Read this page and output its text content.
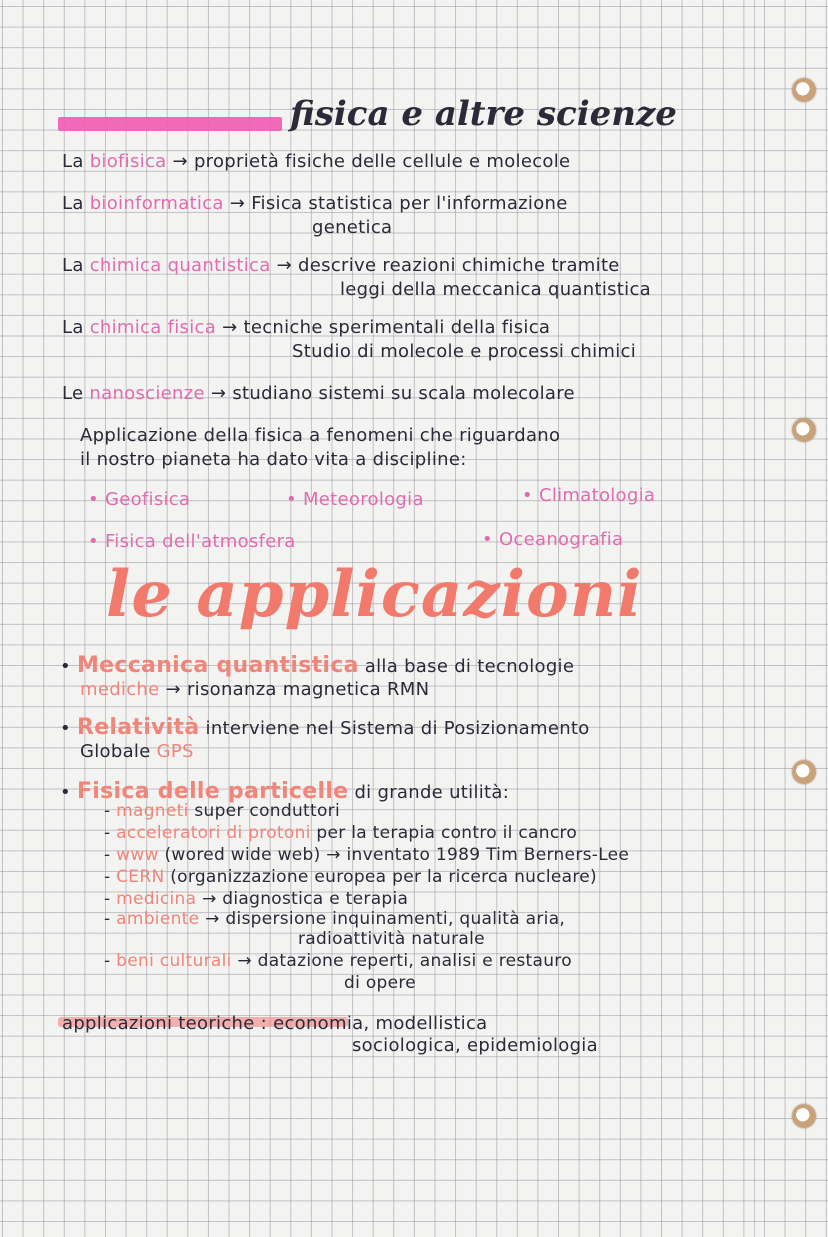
fisica e altre scienze
La biofisica → proprietà fisiche delle cellule e molecole
La bioinformatica → Fisica statistica per l'informazione
genetica
La chimica quantistica → descrive reazioni chimiche tramite
leggi della meccanica quantistica
La chimica fisica → tecniche sperimentali della fisica
Studio di molecole e processi chimici
Le nanoscienze → studiano sistemi su scala molecolare
Applicazione della fisica a fenomeni che riguardano
il nostro pianeta ha dato vita a discipline:
• Geofisica	• Meteorologia	• Climatologia
• Fisica dell'atmosfera	• Oceanografia
le applicazioni
• Meccanica quantistica alla base di tecnologie
mediche → risonanza magnetica RMN
• Relatività interviene nel Sistema di Posizionamento
Globale GPS
• Fisica delle particelle di grande utilità:
- magneti super conduttori
- acceleratori di protoni per la terapia contro il cancro
- www (wored wide web) → inventato 1989 Tim Berners-Lee
- CERN (organizzazione europea per la ricerca nucleare)
- medicina → diagnostica e terapia
- ambiente → dispersione inquinamenti, qualità aria,
radioattività naturale
- beni culturali → datazione reperti, analisi e restauro
di opere
applicazioni teoriche : economia, modellistica
sociologica, epidemiologia
